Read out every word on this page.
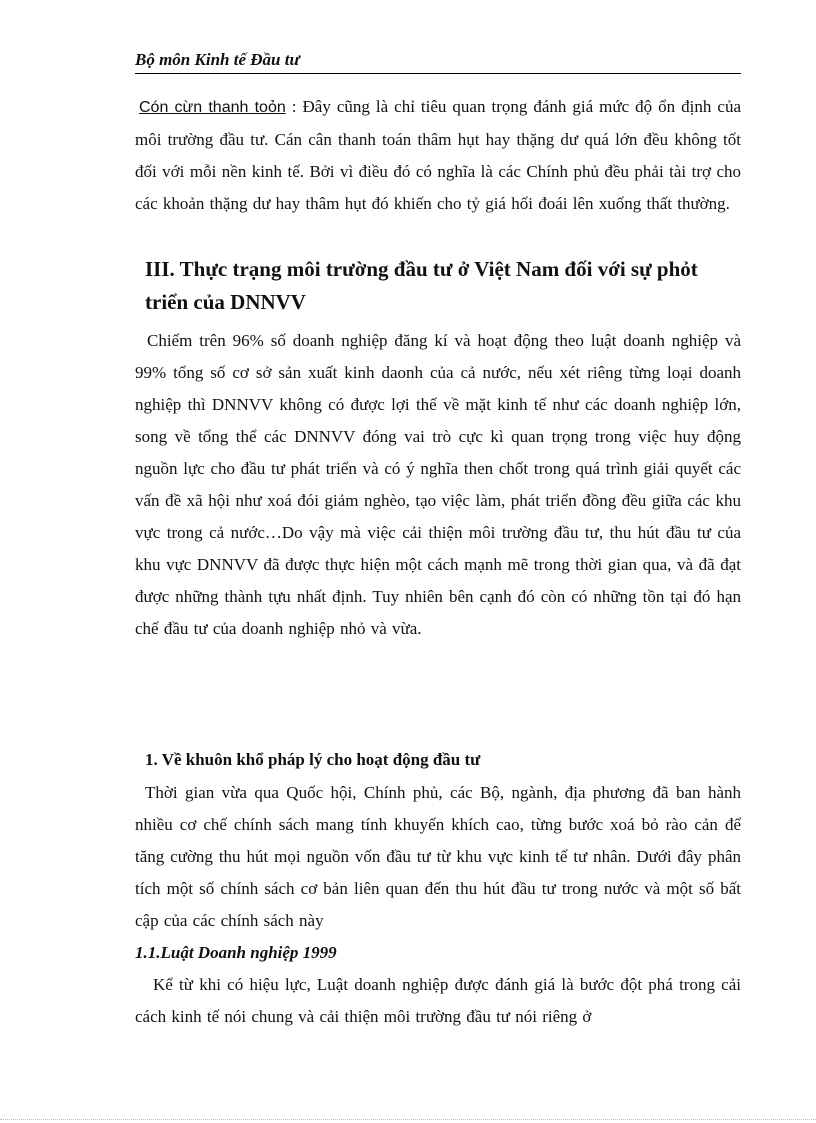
Bộ môn Kinh tế Đầu tư
Cón cừn thanh toỏn : Đây cũng là chỉ tiêu quan trọng đánh giá mức độ ổn định của môi trường đầu tư. Cán cân thanh toán thâm hụt hay thặng dư quá lớn đều không tốt đối với mỗi nền kinh tế. Bởi vì điều đó có nghĩa là các Chính phủ đều phải tài trợ cho các khoản thặng dư hay thâm hụt đó khiến cho tỷ giá hối đoái lên xuống thất thường.
III. Thực trạng môi trường đầu tư ở Việt Nam đối với sự phỏt triển của DNNVV
Chiếm trên 96% số doanh nghiệp đăng kí và hoạt động theo luật doanh nghiệp và 99% tổng số cơ sở sản xuất kinh daonh của cả nước, nếu xét riêng từng loại doanh nghiệp thì DNNVV không có được lợi thế về mặt kinh tế như các doanh nghiệp lớn, song về tổng thể các DNNVV đóng vai trò cực kì quan trọng trong việc huy động nguồn lực cho đầu tư phát triển và có ý nghĩa then chốt trong quá trình giải quyết các vấn đề xã hội như xoá đói giảm nghèo, tạo việc làm, phát triển đồng đều giữa các khu vực trong cả nước…Do vậy mà việc cải thiện môi trường đầu tư, thu hút đầu tư của khu vực DNNVV đã được thực hiện một cách mạnh mẽ trong thời gian qua, và đã đạt được những thành tựu nhất định. Tuy nhiên bên cạnh đó còn có những tồn tại đó hạn chế đầu tư của doanh nghiệp nhỏ và vừa.
1. Về khuôn khổ pháp lý cho hoạt động đầu tư
Thời gian vừa qua Quốc hội, Chính phủ, các Bộ, ngành, địa phương đã ban hành nhiều cơ chế chính sách mang tính khuyến khích cao, từng bước xoá bỏ rào cản để tăng cường thu hút mọi nguồn vốn đầu tư từ khu vực kinh tế tư nhân. Dưới đây phân tích một số chính sách cơ bản liên quan đến thu hút đầu tư trong nước và một số bất cập của các chính sách này
1.1.Luật Doanh nghiệp 1999
Kể từ khi có hiệu lực, Luật doanh nghiệp được đánh giá là bước đột phá trong cải cách kinh tế nói chung và cải thiện môi trường đầu tư nói riêng ở
